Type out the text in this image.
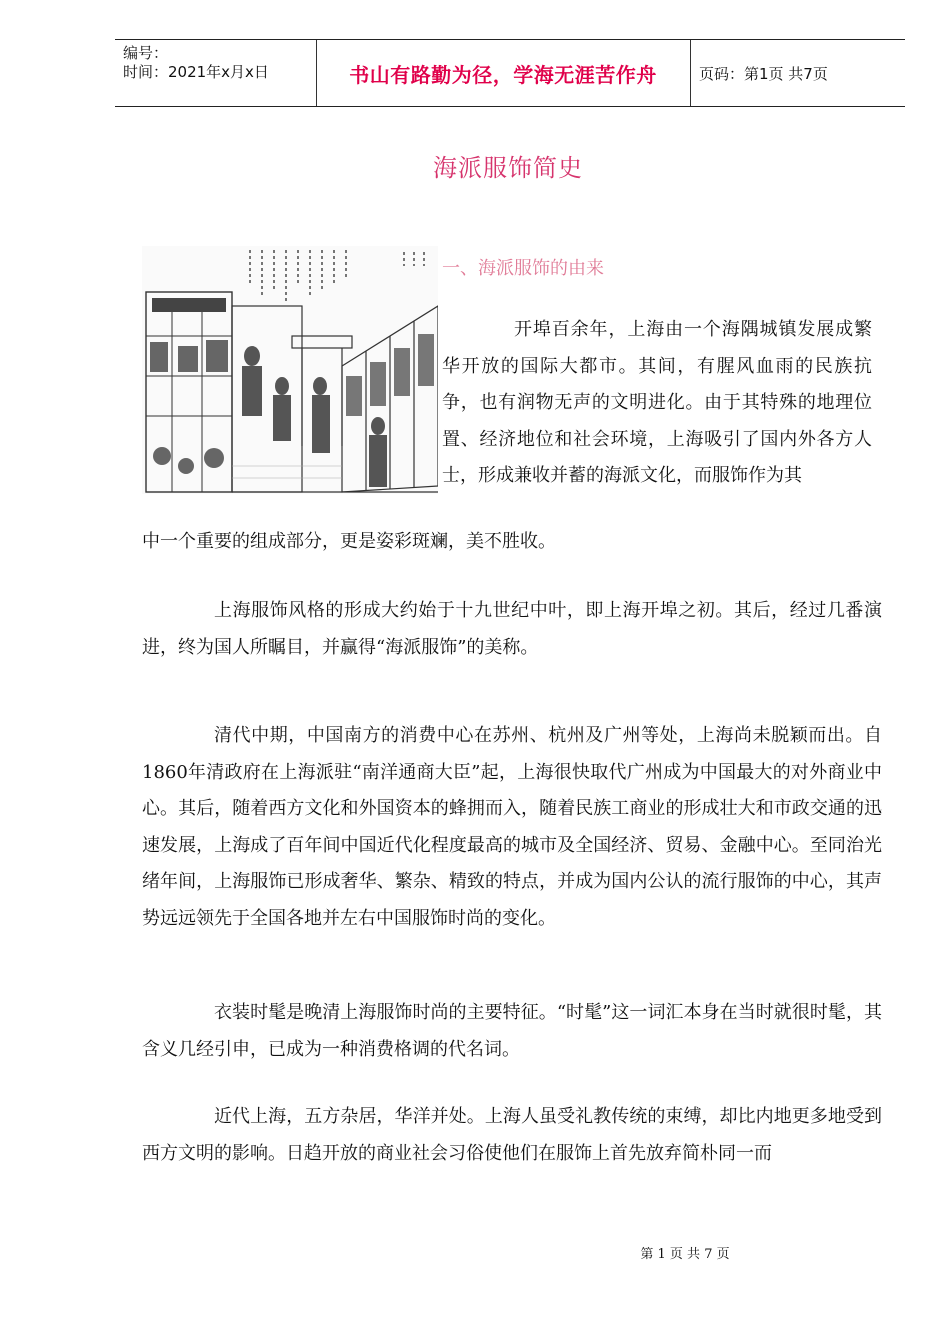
编号：
时间：2021年x月x日	书山有路勤为径，学海无涯苦作舟	页码：第1页 共7页
海派服饰简史
一、海派服饰的由来
开埠百余年，上海由一个海隅城镇发展成繁华开放的国际大都市。其间，有腥风血雨的民族抗争，也有润物无声的文明进化。由于其特殊的地理位置、经济地位和社会环境，上海吸引了国内外各方人士，形成兼收并蓄的海派文化，而服饰作为其
中一个重要的组成部分，更是姿彩斑斓，美不胜收。
上海服饰风格的形成大约始于十九世纪中叶，即上海开埠之初。其后，经过几番演进，终为国人所瞩目，并赢得“海派服饰”的美称。
清代中期，中国南方的消费中心在苏州、杭州及广州等处，上海尚未脱颖而出。自1860年清政府在上海派驻“南洋通商大臣”起，上海很快取代广州成为中国最大的对外商业中心。其后，随着西方文化和外国资本的蜂拥而入，随着民族工商业的形成壮大和市政交通的迅速发展，上海成了百年间中国近代化程度最高的城市及全国经济、贸易、金融中心。至同治光绪年间，上海服饰已形成奢华、繁杂、精致的特点，并成为国内公认的流行服饰的中心，其声势远远领先于全国各地并左右中国服饰时尚的变化。
衣装时髦是晚清上海服饰时尚的主要特征。“时髦”这一词汇本身在当时就很时髦，其含义几经引申，已成为一种消费格调的代名词。
近代上海，五方杂居，华洋并处。上海人虽受礼教传统的束缚，却比内地更多地受到西方文明的影响。日趋开放的商业社会习俗使他们在服饰上首先放弃简朴同一而
第 1 页 共 7 页
